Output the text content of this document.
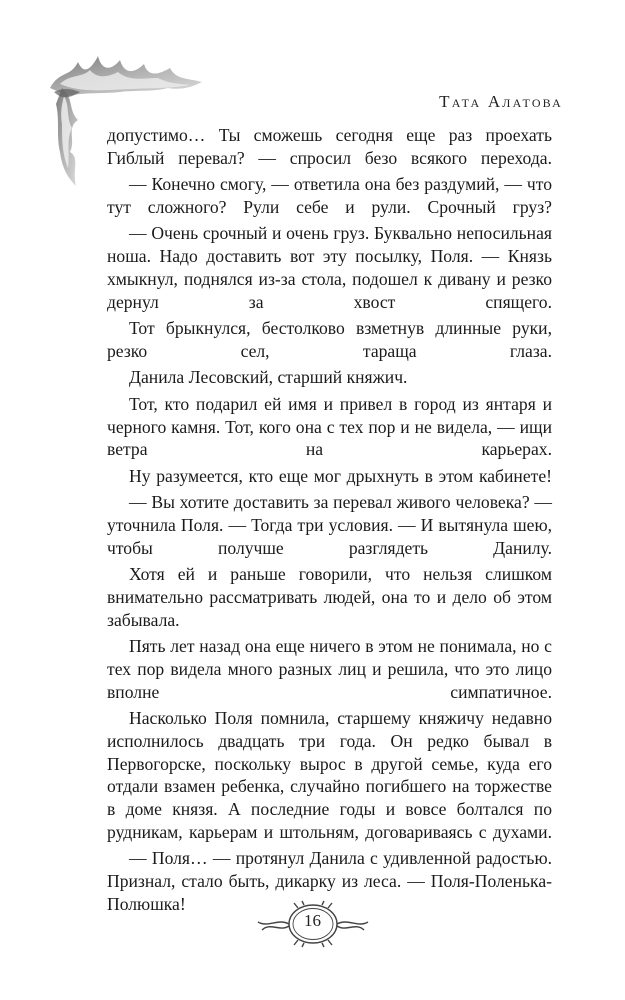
Тата Алатова

допустимо… Ты сможешь сегодня еще раз проехать Гиблый перевал? — спросил безо всякого перехода.

— Конечно смогу, — ответила она без раздумий, — что тут сложного? Рули себе и рули. Срочный груз?

— Очень срочный и очень груз. Буквально непосильная ноша. Надо доставить вот эту посылку, Поля. — Князь хмыкнул, поднялся из-за стола, подошел к дивану и резко дернул за хвост спящего.

Тот брыкнулся, бестолково взметнув длинные руки, резко сел, таращa глаза.

Данила Лесовский, старший княжич.

Тот, кто подарил ей имя и привел в город из янтаря и черного камня. Тот, кого она с тех пор и не видела, — ищи ветра на карьерах.

Ну разумеется, кто еще мог дрыхнуть в этом кабинете!

— Вы хотите доставить за перевал живого человека? — уточнила Поля. — Тогда три условия. — И вытянула шею, чтобы получше разглядеть Данилу.

Хотя ей и раньше говорили, что нельзя слишком внимательно рассматривать людей, она то и дело об этом забывала.

Пять лет назад она еще ничего в этом не понимала, но с тех пор видела много разных лиц и решила, что это лицо вполне симпатичное.

Насколько Поля помнила, старшему княжичу недавно исполнилось двадцать три года. Он редко бывал в Первогорске, поскольку вырос в другой семье, куда его отдали взамен ребенка, случайно погибшего на торжестве в доме князя. А последние годы и вовсе болтался по рудникам, карьерам и штольням, договариваясь с духами.

— Поля… — протянул Данила с удивленной радостью. Признал, стало быть, дикарку из леса. — Поля-Поленька-Полюшка!

16
